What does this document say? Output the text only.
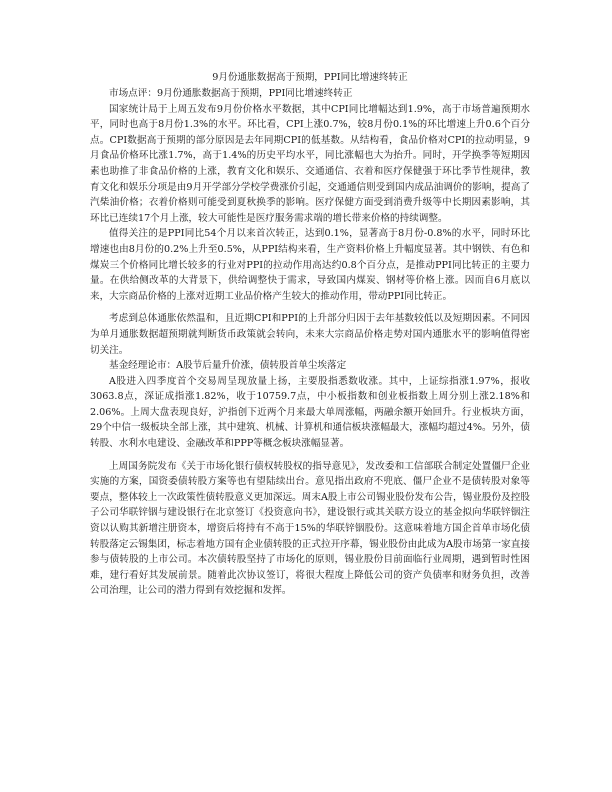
9月份通胀数据高于预期，PPI同比增速终转正

市场点评：9月份通胀数据高于预期，PPI同比增速终转正

国家统计局于上周五发布9月份价格水平数据，其中CPI同比增幅达到1.9%，高于市场普遍预期水平，同时也高于8月份1.3%的水平。环比看，CPI上涨0.7%，较8月份0.1%的环比增速上升0.6个百分点。CPI数据高于预期的部分原因是去年同期CPI的低基数。从结构看，食品价格对CPI的拉动明显，9月食品价格环比涨1.7%，高于1.4%的历史平均水平，同比涨幅也大为抬升。同时，开学换季等短期因素也助推了非食品价格的上涨，教育文化和娱乐、交通通信、衣着和医疗保健强于环比季节性规律，教育文化和娱乐分项是由9月开学部分学校学费涨价引起，交通通信则受到国内成品油调价的影响，提高了汽柴油价格；衣着价格则可能受到夏秋换季的影响。医疗保健方面受到消费升级等中长期因素影响，其环比已连续17个月上涨，较大可能性是医疗服务需求端的增长带来价格的持续调整。

值得关注的是PPI同比54个月以来首次转正，达到0.1%，显著高于8月份-0.8%的水平，同时环比增速也由8月份的0.2%上升至0.5%，从PPI结构来看，生产资料价格上升幅度显著。其中钢铁、有色和煤炭三个价格同比增长较多的行业对PPI的拉动作用高达约0.8个百分点，是推动PPI同比转正的主要力量。在供给侧改革的大背景下，供给调整快于需求，导致国内煤炭、钢材等价格上涨。因而自6月底以来，大宗商品价格的上涨对近期工业品价格产生较大的推动作用，带动PPI同比转正。

考虑到总体通胀依然温和，且近期CPI和PPI的上升部分归因于去年基数较低以及短期因素。不同因为单月通胀数据超预期就判断货币政策就会转向，未来大宗商品价格走势对国内通胀水平的影响值得密切关注。

基金经理论市：A股节后量升价涨，债转股首单尘埃落定

A股进入四季度首个交易周呈现放量上扬，主要股指悉数收涨。其中，上证综指涨1.97%，报收3063.8点，深证成指涨1.82%，收于10759.7点，中小板指数和创业板指数上周分别上涨2.18%和2.06%。上周大盘表现良好，沪指创下近两个月来最大单周涨幅，两融余额开始回升。行业板块方面，29个中信一级板块全部上涨，其中建筑、机械、计算机和通信板块涨幅最大，涨幅均超过4%。另外，债转股、水利水电建设、金融改革和PPP等概念板块涨幅显著。

上周国务院发布《关于市场化银行债权转股权的指导意见》，发改委和工信部联合制定处置僵尸企业实施的方案，国资委债转股方案等也有望陆续出台。意见指出政府不兜底、僵尸企业不是债转股对象等要点，整体较上一次政策性债转股意义更加深远。周末A股上市公司锡业股份发布公告，锡业股份及控股子公司华联锌铟与建设银行在北京签订《投资意向书》，建设银行或其关联方设立的基金拟向华联锌铟注资以认购其新增注册资本，增资后将持有不高于15%的华联锌铟股份。这意味着地方国企首单市场化债转股落定云锡集团，标志着地方国有企业债转股的正式拉开序幕，锡业股份由此成为A股市场第一家直接参与债转股的上市公司。本次债转股坚持了市场化的原则，锡业股份目前面临行业周期，遇到暂时性困难，建行看好其发展前景。随着此次协议签订，将很大程度上降低公司的资产负债率和财务负担，改善公司治理，让公司的潜力得到有效挖掘和发挥。
